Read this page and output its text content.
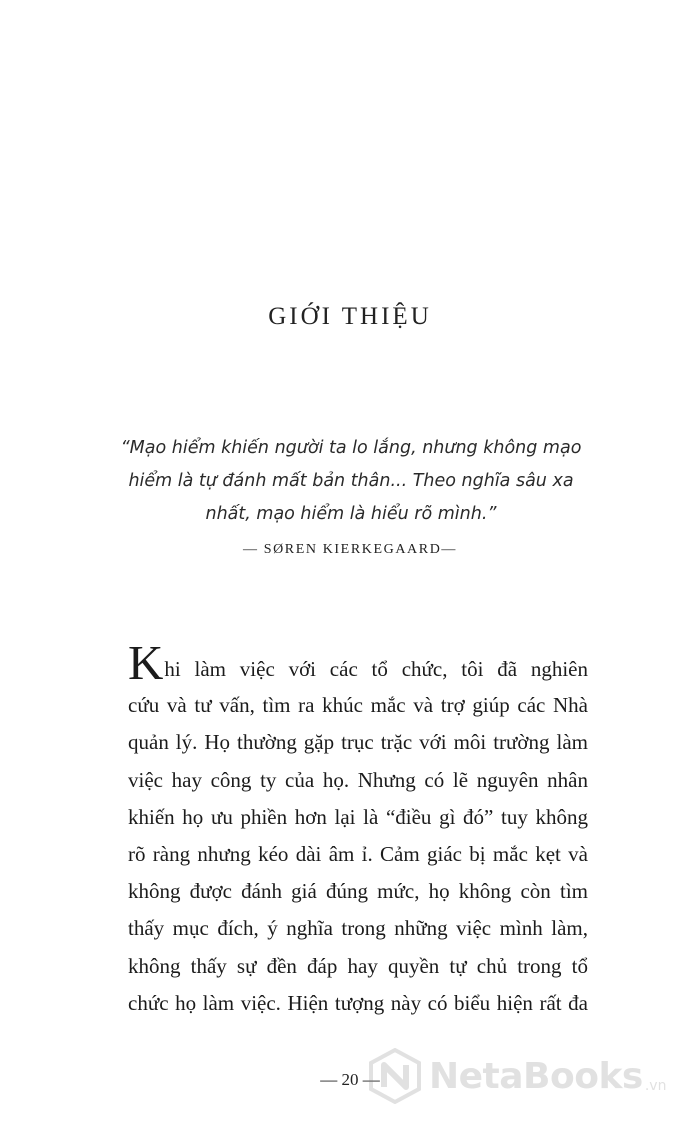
GIỚI THIỆU
“Mạo hiểm khiến người ta lo lắng, nhưng không mạo
hiểm là tự đánh mất bản thân... Theo nghĩa sâu xa
nhất, mạo hiểm là hiểu rõ mình.”
— SØREN KIERKEGAARD—
Khi làm việc với các tổ chức, tôi đã nghiên
cứu và tư vấn, tìm ra khúc mắc và trợ giúp các Nhà
quản lý. Họ thường gặp trục trặc với môi trường làm
việc hay công ty của họ. Nhưng có lẽ nguyên nhân
khiến họ ưu phiền hơn lại là “điều gì đó” tuy không
rõ ràng nhưng kéo dài âm ỉ. Cảm giác bị mắc kẹt và
không được đánh giá đúng mức, họ không còn tìm
thấy mục đích, ý nghĩa trong những việc mình làm,
không thấy sự đền đáp hay quyền tự chủ trong tổ
chức họ làm việc. Hiện tượng này có biểu hiện rất đa
— 20 —	NetaBooks .vn
